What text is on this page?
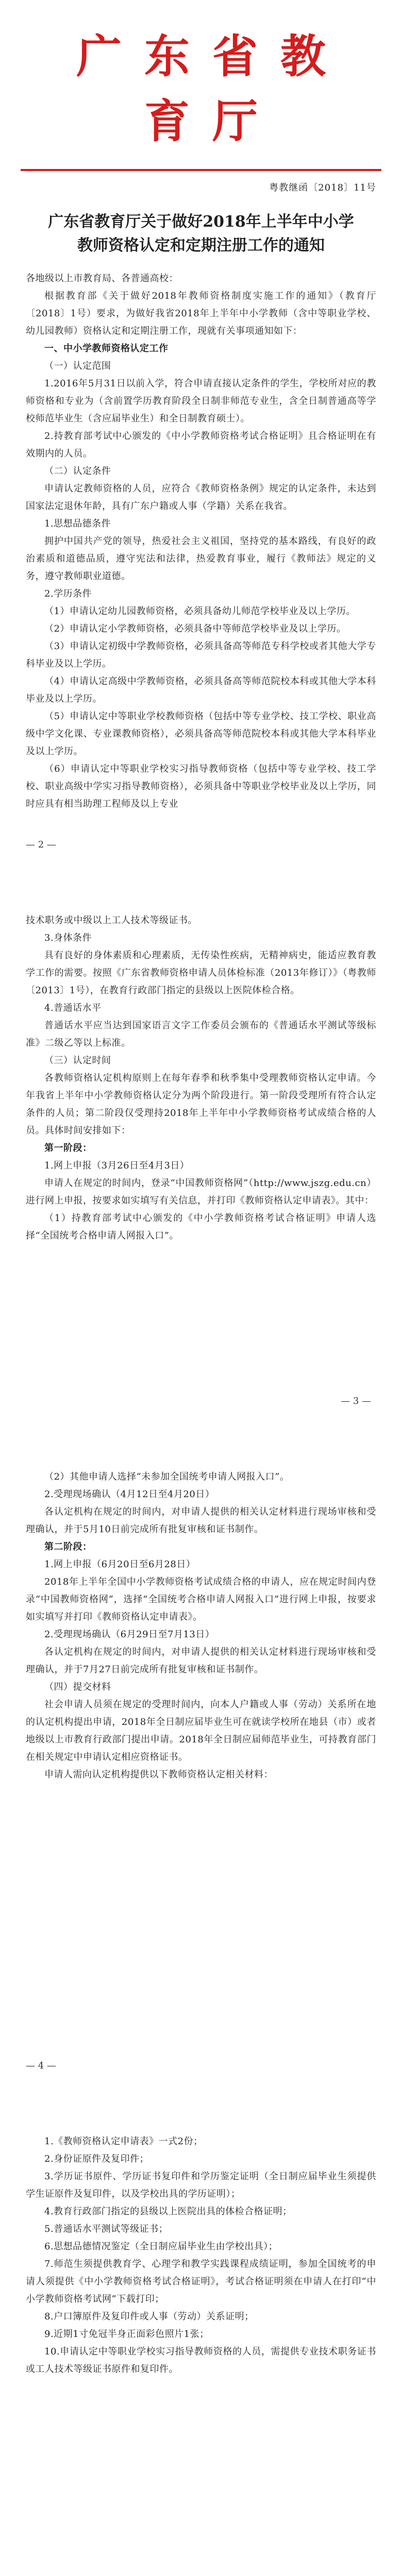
广东省教育厅
粤教继函〔2018〕11号
广东省教育厅关于做好2018年上半年中小学
教师资格认定和定期注册工作的通知

各地级以上市教育局、各普通高校：

根据教育部《关于做好2018年教师资格制度实施工作的通知》（教育厅〔2018〕1号）要求，为做好我省2018年上半年中小学教师（含中等职业学校、幼儿园教师）资格认定和定期注册工作，现就有关事项通知如下：

一、中小学教师资格认定工作

（一）认定范围

1.2016年5月31日以前入学，符合申请直接认定条件的学生，学校所对应的教师资格和专业为（含前置学历教育阶段全日制非师范专业生，含全日制普通高等学校师范毕业生（含应届毕业生）和全日制教育硕士）。

2.持教育部考试中心颁发的《中小学教师资格考试合格证明》且合格证明在有效期内的人员。

（二）认定条件

申请认定教师资格的人员，应符合《教师资格条例》规定的认定条件，未达到国家法定退休年龄，具有广东户籍或人事（学籍）关系在我省。

1.思想品德条件

拥护中国共产党的领导，热爱社会主义祖国，坚持党的基本路线，有良好的政治素质和道德品质，遵守宪法和法律，热爱教育事业，履行《教师法》规定的义务，遵守教师职业道德。

2.学历条件

（1）申请认定幼儿园教师资格，必须具备幼儿师范学校毕业及以上学历。

（2）申请认定小学教师资格，必须具备中等师范学校毕业及以上学历。

（3）申请认定初级中学教师资格，必须具备高等师范专科学校或者其他大学专科毕业及以上学历。

（4）申请认定高级中学教师资格，必须具备高等师范院校本科或其他大学本科毕业及以上学历。

（5）申请认定中等职业学校教师资格（包括中等专业学校、技工学校、职业高级中学文化课、专业课教师资格），必须具备高等师范院校本科或其他大学本科毕业及以上学历。

（6）申请认定中等职业学校实习指导教师资格（包括中等专业学校、技工学校、职业高级中学实习指导教师资格），必须具备中等职业学校毕业及以上学历，同时应具有相当助理工程师及以上专业

— 2 —

技术职务或中级以上工人技术等级证书。

3.身体条件

具有良好的身体素质和心理素质，无传染性疾病，无精神病史，能适应教育教学工作的需要。按照《广东省教师资格申请人员体检标准（2013年修订）》（粤教师〔2013〕1号），在教育行政部门指定的县级以上医院体检合格。

4.普通话水平

普通话水平应当达到国家语言文字工作委员会颁布的《普通话水平测试等级标准》二级乙等以上标准。

（三）认定时间

各教师资格认定机构原则上在每年春季和秋季集中受理教师资格认定申请。今年我省上半年中小学教师资格认定分为两个阶段进行。第一阶段受理所有符合认定条件的人员；第二阶段仅受理持2018年上半年中小学教师资格考试成绩合格的人员。具体时间安排如下：

第一阶段：

1.网上申报（3月26日至4月3日）

申请人在规定的时间内，登录“中国教师资格网”（http://www.jszg.edu.cn）进行网上申报，按要求如实填写有关信息，并打印《教师资格认定申请表》。其中：

（1）持教育部考试中心颁发的《中小学教师资格考试合格证明》申请人选择“全国统考合格申请人网报入口”。

— 3 —

（2）其他申请人选择“未参加全国统考申请人网报入口”。

2.受理现场确认（4月12日至4月20日）

各认定机构在规定的时间内，对申请人提供的相关认定材料进行现场审核和受理确认，并于5月10日前完成所有批复审核和证书制作。

第二阶段：

1.网上申报（6月20日至6月28日）

2018年上半年全国中小学教师资格考试成绩合格的申请人，应在规定时间内登录“中国教师资格网”，选择“全国统考合格申请人网报入口”进行网上申报，按要求如实填写并打印《教师资格认定申请表》。

2.受理现场确认（6月29日至7月13日）

各认定机构在规定的时间内，对申请人提供的相关认定材料进行现场审核和受理确认，并于7月27日前完成所有批复审核和证书制作。

（四）提交材料

社会申请人员须在规定的受理时间内，向本人户籍或人事（劳动）关系所在地的认定机构提出申请，2018年全日制应届毕业生可在就读学校所在地县（市）或者地级以上市教育行政部门提出申请。2018年全日制应届师范毕业生，可持教育部门在相关规定中申请认定相应资格证书。

申请人需向认定机构提供以下教师资格认定相关材料：

— 4 —

1.《教师资格认定申请表》一式2份；

2.身份证原件及复印件；

3.学历证书原件、学历证书复印件和学历鉴定证明（全日制应届毕业生须提供学生证原件及复印件，以及学校出具的学历证明）；

4.教育行政部门指定的县级以上医院出具的体检合格证明；

5.普通话水平测试等级证书；

6.思想品德情况鉴定（全日制应届毕业生由学校出具）；

7.师范生须提供教育学、心理学和教学实践课程成绩证明，参加全国统考的申请人须提供《中小学教师资格考试合格证明》，考试合格证明须在申请人在打印“中小学教师资格考试网”下载打印；

8.户口簿原件及复印件或人事（劳动）关系证明；

9.近期1寸免冠半身正面彩色照片1张；

10.申请认定中等职业学校实习指导教师资格的人员，需提供专业技术职务证书或工人技术等级证书原件和复印件。
